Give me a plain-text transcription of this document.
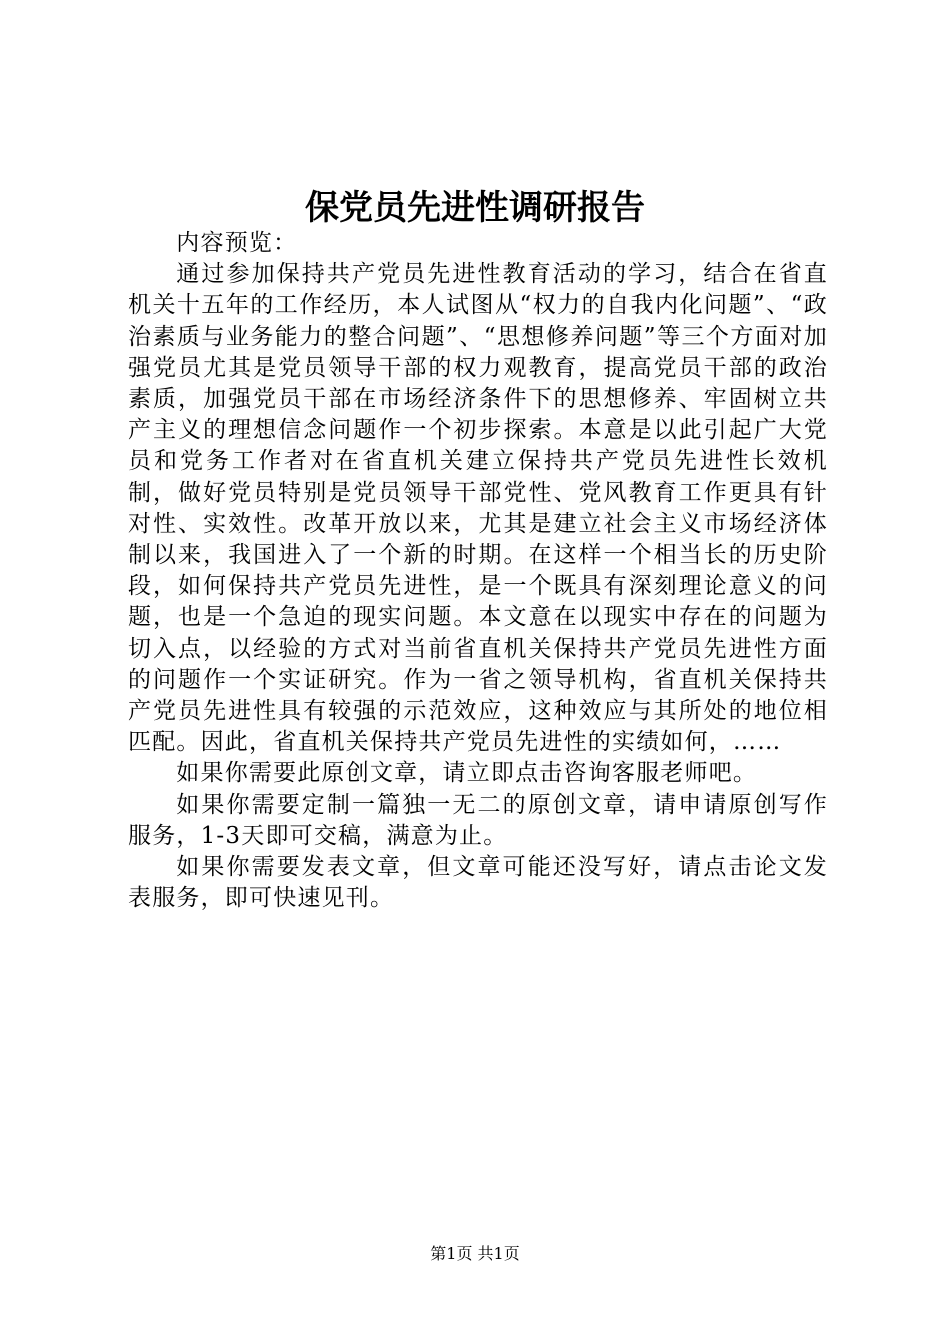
保党员先进性调研报告

内容预览：

通过参加保持共产党员先进性教育活动的学习，结合在省直机关十五年的工作经历，本人试图从“权力的自我内化问题”、“政治素质与业务能力的整合问题”、“思想修养问题”等三个方面对加强党员尤其是党员领导干部的权力观教育，提高党员干部的政治素质，加强党员干部在市场经济条件下的思想修养、牢固树立共产主义的理想信念问题作一个初步探索。本意是以此引起广大党员和党务工作者对在省直机关建立保持共产党员先进性长效机制，做好党员特别是党员领导干部党性、党风教育工作更具有针对性、实效性。改革开放以来，尤其是建立社会主义市场经济体制以来，我国进入了一个新的时期。在这样一个相当长的历史阶段，如何保持共产党员先进性，是一个既具有深刻理论意义的问题，也是一个急迫的现实问题。本文意在以现实中存在的问题为切入点，以经验的方式对当前省直机关保持共产党员先进性方面的问题作一个实证研究。作为一省之领导机构，省直机关保持共产党员先进性具有较强的示范效应，这种效应与其所处的地位相匹配。因此，省直机关保持共产党员先进性的实绩如何，……

如果你需要此原创文章，请立即点击咨询客服老师吧。

如果你需要定制一篇独一无二的原创文章，请申请原创写作服务，1-3天即可交稿，满意为止。

如果你需要发表文章，但文章可能还没写好，请点击论文发表服务，即可快速见刊。

第1页 共1页
